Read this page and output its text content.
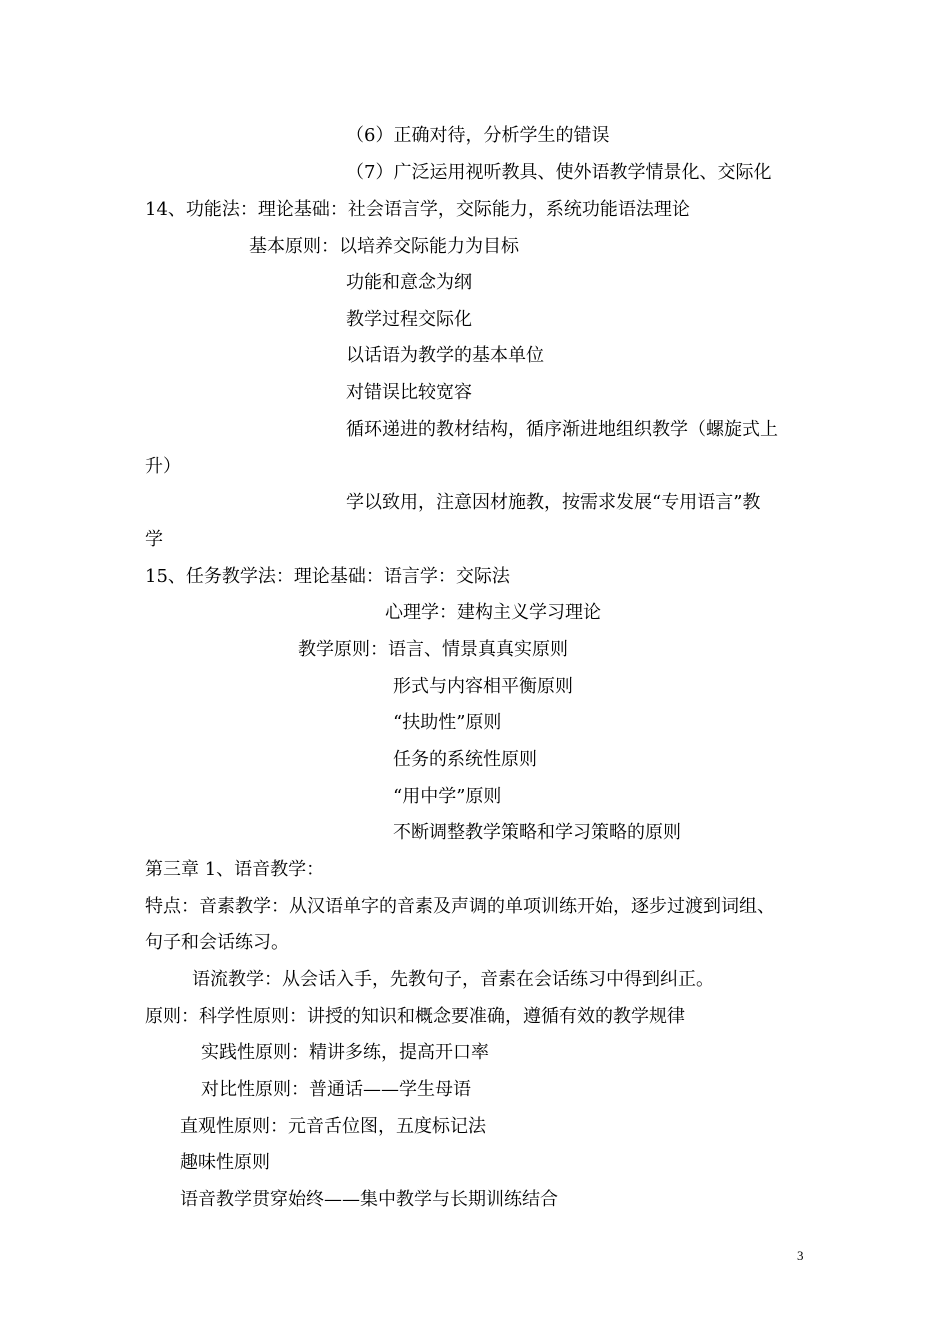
（6）正确对待，分析学生的错误
（7）广泛运用视听教具、使外语教学情景化、交际化
14、功能法：理论基础：社会语言学，交际能力，系统功能语法理论
基本原则：以培养交际能力为目标
功能和意念为纲
教学过程交际化
以话语为教学的基本单位
对错误比较宽容
循环递进的教材结构，循序渐进地组织教学（螺旋式上
升）
学以致用，注意因材施教，按需求发展“专用语言”教
学
15、任务教学法：理论基础：语言学：交际法
心理学：建构主义学习理论
教学原则：语言、情景真真实原则
形式与内容相平衡原则
“扶助性”原则
任务的系统性原则
“用中学”原则
不断调整教学策略和学习策略的原则
第三章 1、语音教学：
特点：音素教学：从汉语单字的音素及声调的单项训练开始，逐步过渡到词组、
句子和会话练习。
语流教学：从会话入手，先教句子，音素在会话练习中得到纠正。
原则：科学性原则：讲授的知识和概念要准确，遵循有效的教学规律
实践性原则：精讲多练，提高开口率
对比性原则：普通话——学生母语
直观性原则：元音舌位图，五度标记法
趣味性原则
语音教学贯穿始终——集中教学与长期训练结合
3
